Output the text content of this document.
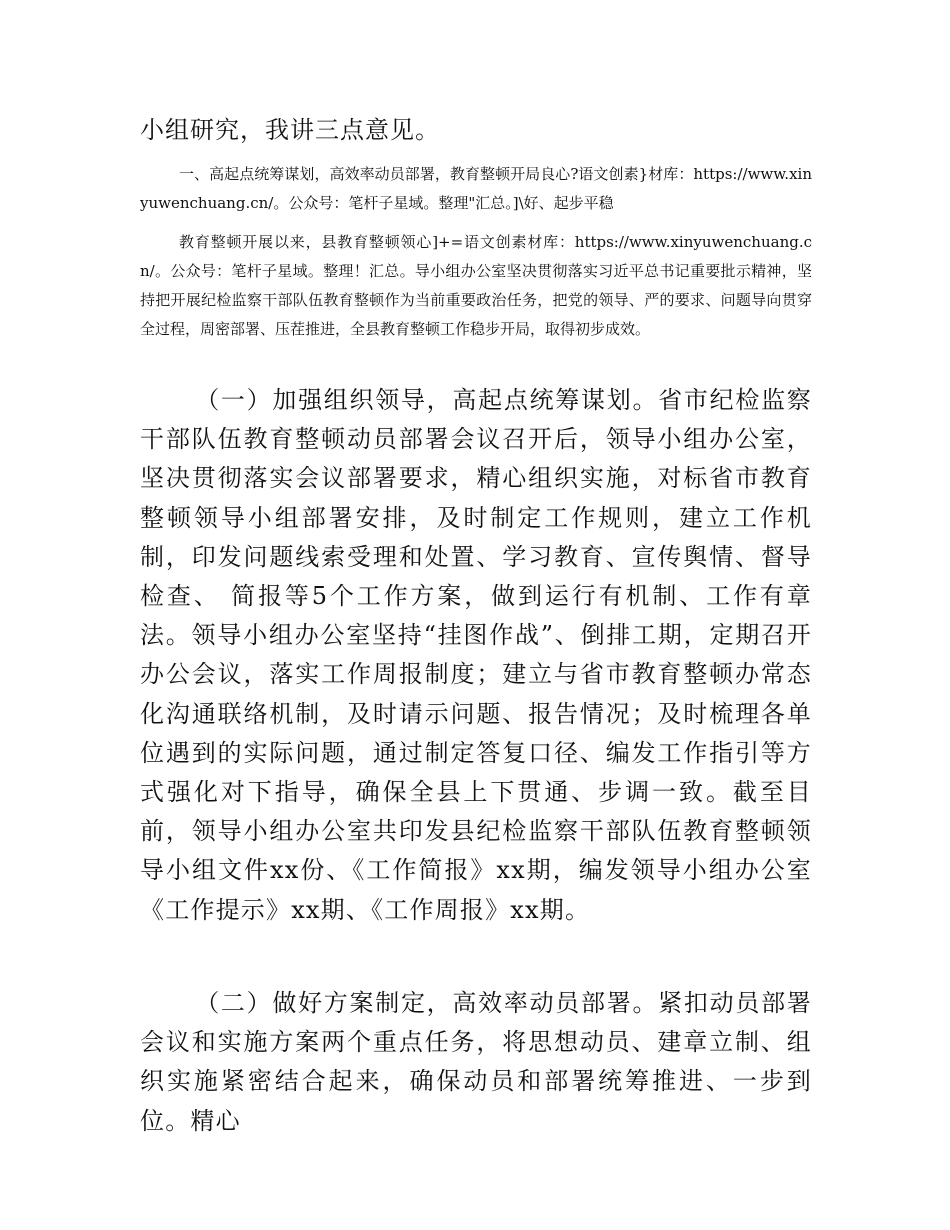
小组研究，我讲三点意见。
一、高起点统筹谋划，高效率动员部署，教育整顿开局良心?语文创素}材库：https://www.xinyuwenchuang.cn/。公众号：笔杆子星域。整理"汇总。]\好、起步平稳
教育整顿开展以来，县教育整顿领心]+=语文创素材库：https://www.xinyuwenchuang.cn/。公众号：笔杆子星域。整理！汇总。导小组办公室坚决贯彻落实习近平总书记重要批示精神，坚持把开展纪检监察干部队伍教育整顿作为当前重要政治任务，把党的领导、严的要求、问题导向贯穿全过程，周密部署、压茬推进，全县教育整顿工作稳步开局，取得初步成效。
（一）加强组织领导，高起点统筹谋划。省市纪检监察干部队伍教育整顿动员部署会议召开后，领导小组办公室，坚决贯彻落实会议部署要求，精心组织实施，对标省市教育整顿领导小组部署安排，及时制定工作规则，建立工作机制，印发问题线索受理和处置、学习教育、宣传舆情、督导检查、 简报等5个工作方案，做到运行有机制、工作有章法。领导小组办公室坚持“挂图作战”、倒排工期，定期召开办公会议，落实工作周报制度；建立与省市教育整顿办常态化沟通联络机制，及时请示问题、报告情况；及时梳理各单位遇到的实际问题，通过制定答复口径、编发工作指引等方式强化对下指导，确保全县上下贯通、步调一致。截至目前，领导小组办公室共印发县纪检监察干部队伍教育整顿领导小组文件xx份、《工作简报》xx期，编发领导小组办公室《工作提示》xx期、《工作周报》xx期。
（二）做好方案制定，高效率动员部署。紧扣动员部署会议和实施方案两个重点任务，将思想动员、建章立制、组织实施紧密结合起来，确保动员和部署统筹推进、一步到位。精心
